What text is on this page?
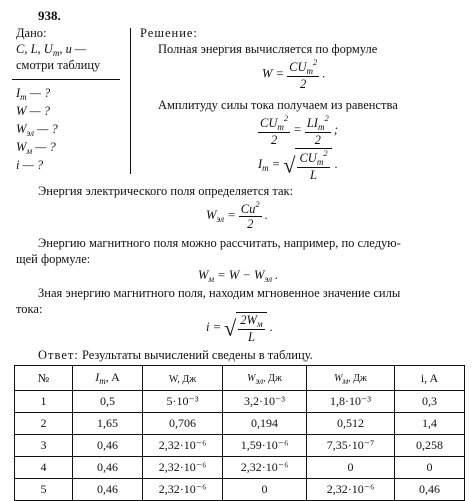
938.
Дано:
C, L, $U_m$, u —
смотри таблицу
$I_m$ — ?
W — ?
$W_{эл}$ — ?
$W_м$ — ?
i — ?
Решение:
Полная энергия вычисляется по формуле
$W = \frac{CU_m^2}{2}$ .
Амплитуду силы тока получаем из равенства
$\frac{CU_m^2}{2} = \frac{LI_m^2}{2}$ ;
$I_m$ = √ $\frac{CU_m^2}{L}$ .
Энергия электрического поля определяется так:
$W_{эл} = \frac{Cu^2}{2}$ .
Энергию магнитного поля можно рассчитать, например, по следую-
щей формуле:
$W_м = W - W_{эл}$ .
Зная энергию магнитного поля, находим мгновенное значение силы
тока:
i = √ $\frac{2W_м}{L}$ .
Ответ: Результаты вычислений сведены в таблицу.
№	$I_m$, A	W, Дж	$W_{эл}$, Дж	$W_м$, Дж	i, A
1	0,5	5·10⁻³	3,2·10⁻³	1,8·10⁻³	0,3
2	1,65	0,706	0,194	0,512	1,4
3	0,46	2,32·10⁻⁶	1,59·10⁻⁶	7,35·10⁻⁷	0,258
4	0,46	2,32·10⁻⁶	2,32·10⁻⁶	0	0
5	0,46	2,32·10⁻⁶	0	2,32·10⁻⁶	0,46
